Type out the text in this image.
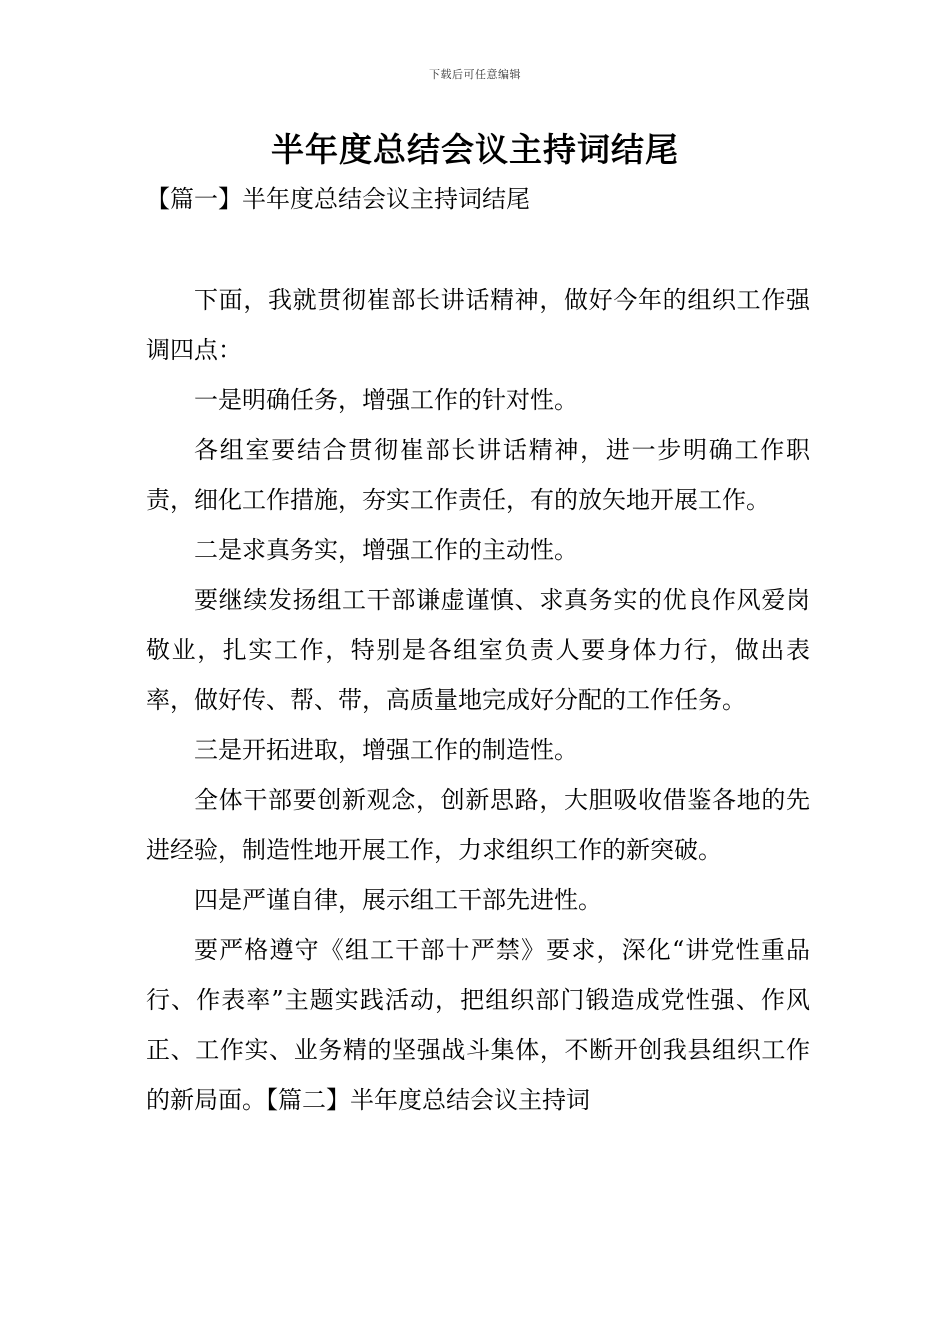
下载后可任意编辑
半年度总结会议主持词结尾
【篇一】半年度总结会议主持词结尾

下面，我就贯彻崔部长讲话精神，做好今年的组织工作强调四点：

一是明确任务，增强工作的针对性。

各组室要结合贯彻崔部长讲话精神，进一步明确工作职责，细化工作措施，夯实工作责任，有的放矢地开展工作。

二是求真务实，增强工作的主动性。

要继续发扬组工干部谦虚谨慎、求真务实的优良作风爱岗敬业，扎实工作，特别是各组室负责人要身体力行，做出表率，做好传、帮、带，高质量地完成好分配的工作任务。

三是开拓进取，增强工作的制造性。

全体干部要创新观念，创新思路，大胆吸收借鉴各地的先进经验，制造性地开展工作，力求组织工作的新突破。

四是严谨自律，展示组工干部先进性。

要严格遵守《组工干部十严禁》要求，深化“讲党性重品行、作表率”主题实践活动，把组织部门锻造成党性强、作风正、工作实、业务精的坚强战斗集体，不断开创我县组织工作的新局面。【篇二】半年度总结会议主持词
